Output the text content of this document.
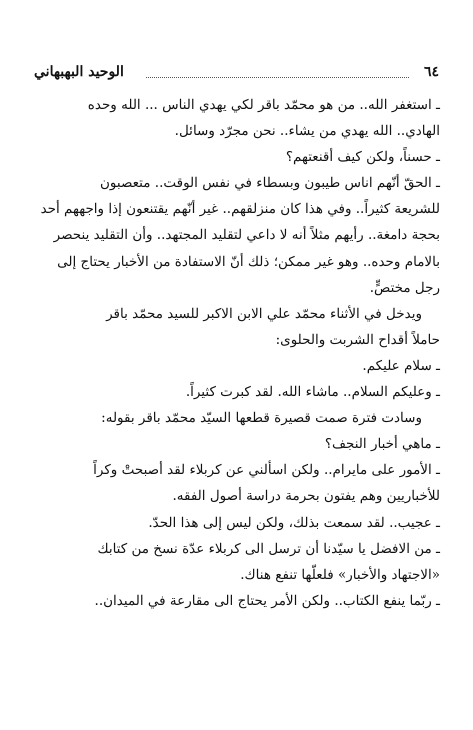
٦٤
الوحيد البهبهاني
ـ استغفر الله.. من هو محمّد باقر لكي يهدي الناس ... الله وحده
الهادي.. الله يهدي من يشاء.. نحن مجرّد وسائل.
ـ حسناً، ولكن كيف أقنعتهم؟
ـ الحقّ أنّهم اناس طيبون وبسطاء في نفس الوقت.. متعصبون
للشريعة كثيراً.. وفي هذا كان منزلقهم.. غير أنّهم يقتنعون إذا واجههم أحد
بحجة دامغة.. رأيهم مثلاً أنه لا داعي لتقليد المجتهد.. وأن التقليد ينحصر
بالامام وحده.. وهو غير ممكن؛ ذلك أنّ الاستفادة من الأخبار يحتاج إلى
رجل مختصٍّ.
ويدخل في الأثناء محمّد علي الابن الاكبر للسيد محمّد باقر
حاملاً أقداح الشربت والحلوى:
ـ سلام عليكم.
ـ وعليكم السلام.. ماشاء الله. لقد كبرت كثيراً.
وسادت فترة صمت قصيرة قطعها السيّد محمّد باقر بقوله:
ـ ماهي أخبار النجف؟
ـ الأمور على مايرام.. ولكن اسألني عن كربلاء لقد أصبحتْ وكراً
للأخباريين وهم يفتون بحرمة دراسة أصول الفقه.
ـ عجيب.. لقد سمعت بذلك، ولكن ليس إلى هذا الحدّ.
ـ من الافضل يا سيّدنا أن ترسل الى كربلاء عدّة نسخ من كتابك
«الاجتهاد والأخبار» فلعلّها تنفع هناك.
ـ ربّما ينفع الكتاب.. ولكن الأمر يحتاج الى مقارعة في الميدان..
